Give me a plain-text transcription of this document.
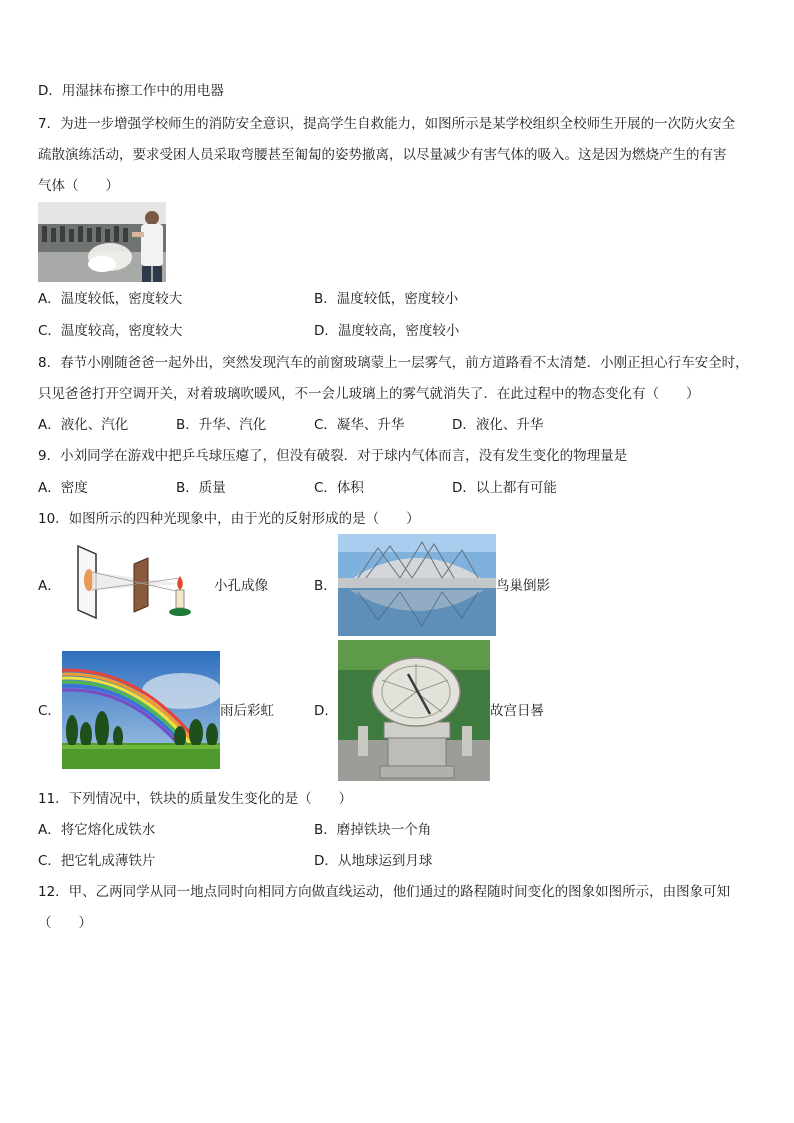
D．用湿抹布擦工作中的用电器
7．为进一步增强学校师生的消防安全意识，提高学生自救能力，如图所示是某学校组织全校师生开展的一次防火安全
疏散演练活动，要求受困人员采取弯腰甚至匍匐的姿势撤离，以尽量减少有害气体的吸入。这是因为燃烧产生的有害
气体（　　）
A．温度较低，密度较大	B．温度较低，密度较小
C．温度较高，密度较大	D．温度较高，密度较小
8．春节小刚随爸爸一起外出，突然发现汽车的前窗玻璃蒙上一层雾气，前方道路看不太清楚．小刚正担心行车安全时，
只见爸爸打开空调开关，对着玻璃吹暖风，不一会儿玻璃上的雾气就消失了．在此过程中的物态变化有（　　）
A．液化、汽化	B．升华、汽化	C．凝华、升华	D．液化、升华
9．小刘同学在游戏中把乒乓球压瘪了，但没有破裂．对于球内气体而言，没有发生变化的物理量是
A．密度	B．质量	C．体积	D．以上都有可能
10．如图所示的四种光现象中，由于光的反射形成的是（　　）
A．	小孔成像	B．	鸟巢倒影
C．	雨后彩虹	D．	故宫日晷
11．下列情况中，铁块的质量发生变化的是（　　）
A．将它熔化成铁水	B．磨掉铁块一个角
C．把它轧成薄铁片	D．从地球运到月球
12．甲、乙两同学从同一地点同时向相同方向做直线运动，他们通过的路程随时间变化的图象如图所示，由图象可知
（　　）
